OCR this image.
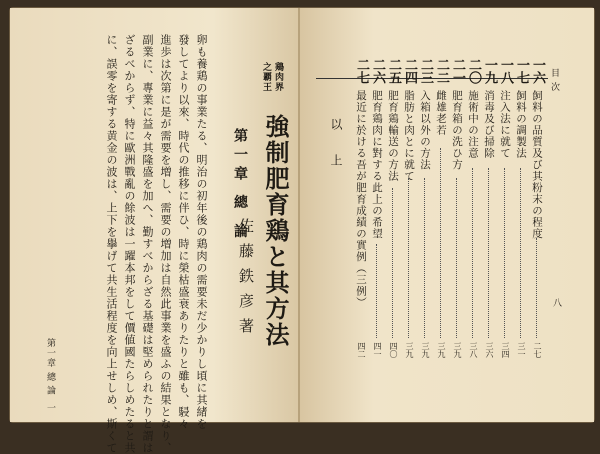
卵も養鶏の事業たる、明治の初年後の鶏肉の需要未だ少かりし頃に其緒を
發してより以來、時代の推移に伴ひ、時に榮枯盛衰ありたりと雖も、駸々
進歩は次第に是が需要を増し、需要の増加は自然此事業を盛ふの結果となり、
副業に、專業に益々其隆盛を加へ、勤すべからざる基礎は堅められたりと謂は
ざるべからず、特に歐洲戰亂の餘波は一躍本邦をして價値國たらしめたると共
に、誤零を寄する黄金の波は、上下を擧げて共生活程度を向上せしめ、斯くて
第一章 總 論
一
第一章 總 論
鶏肉界
之覇王
強制肥育鶏と其方法
佐藤鉄彦著
目 次
八
一六
飼料の品質及び其粉末の程度
二七
一七
飼料の調製法
三一
一八
注入法に就て
三四
一九
消毒及び掃除
三六
二〇
施術中の注意
三八
二一
肥育箱の洗ひ方
三九
二二
雌雄老若
三九
二三
入箱以外の方法
三九
二四
脂肪と肉とに就て
三九
二五
肥育鶏輸送の方法
四〇
二六
肥育鶏肉に對する此上の希望
四一
二七
最近に於ける吾が肥育成績の實例（三例）
四二
以 上
